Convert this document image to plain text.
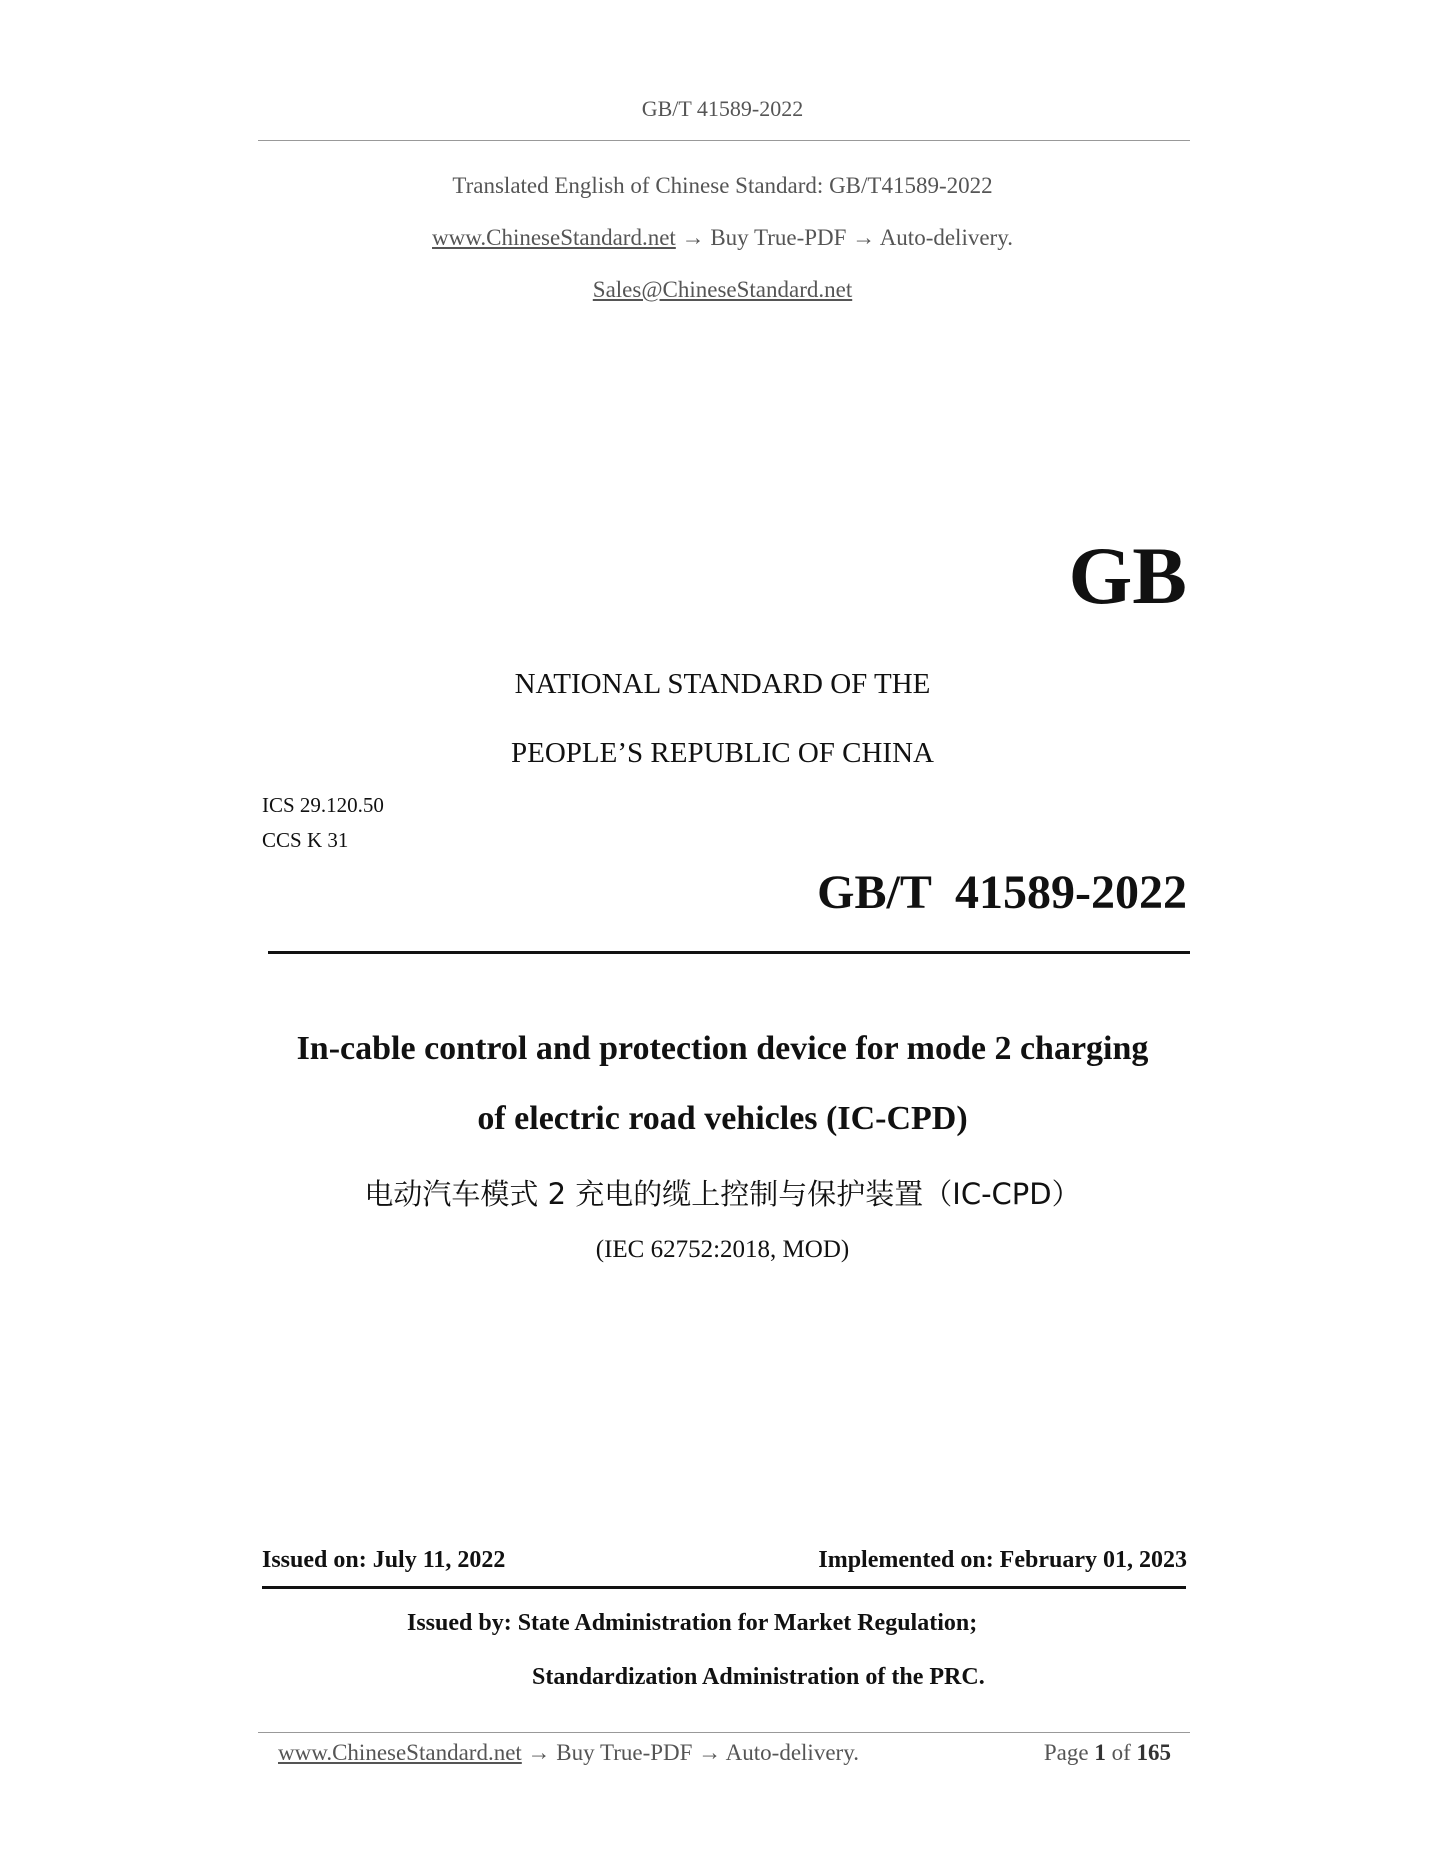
GB/T 41589-2022
Translated English of Chinese Standard: GB/T41589-2022
www.ChineseStandard.net → Buy True-PDF → Auto-delivery.
Sales@ChineseStandard.net
GB
NATIONAL STANDARD OF THE
PEOPLE’S REPUBLIC OF CHINA
ICS 29.120.50
CCS K 31
GB/T  41589-2022
In-cable control and protection device for mode 2 charging
of electric road vehicles (IC-CPD)
电动汽车模式 2 充电的缆上控制与保护装置（IC-CPD）
(IEC 62752:2018, MOD)
Issued on: July 11, 2022	Implemented on: February 01, 2023
Issued by: State Administration for Market Regulation;
Standardization Administration of the PRC.
www.ChineseStandard.net → Buy True-PDF → Auto-delivery.	Page 1 of 165
